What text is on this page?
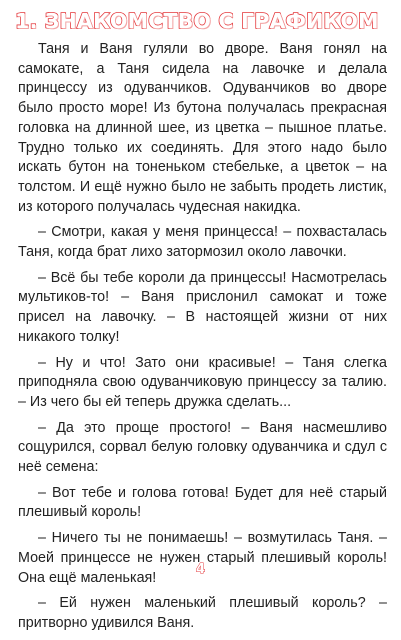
1. ЗНАКОМСТВО С ГРАФИКОМ

Таня и Ваня гуляли во дворе. Ваня гонял на самокате, а Таня сидела на лавочке и делала принцессу из одуванчиков. Одуванчиков во дворе было просто море! Из бутона получалась прекрасная головка на длинной шее, из цветка – пышное платье. Трудно только их соединять. Для этого надо было искать бутон на тоненьком стебельке, а цветок – на толстом. И ещё нужно было не забыть продеть листик, из которого получалась чудесная накидка.

– Смотри, какая у меня принцесса! – похвасталась Таня, когда брат лихо затормозил около лавочки.

– Всё бы тебе короли да принцессы! Насмотрелась мультиков-то! – Ваня прислонил самокат и тоже присел на лавочку. – В настоящей жизни от них никакого толку!

– Ну и что! Зато они красивые! – Таня слегка приподняла свою одуванчиковую принцессу за талию. – Из чего бы ей теперь дружка сделать...

– Да это проще простого! – Ваня насмешливо сощурился, сорвал белую головку одуванчика и сдул с неё семена:

– Вот тебе и голова готова! Будет для неё старый плешивый король!

– Ничего ты не понимаешь! – возмутилась Таня. – Моей принцессе не нужен старый плешивый король! Она ещё маленькая!

– Ей нужен маленький плешивый король? – притворно удивился Ваня.

4
